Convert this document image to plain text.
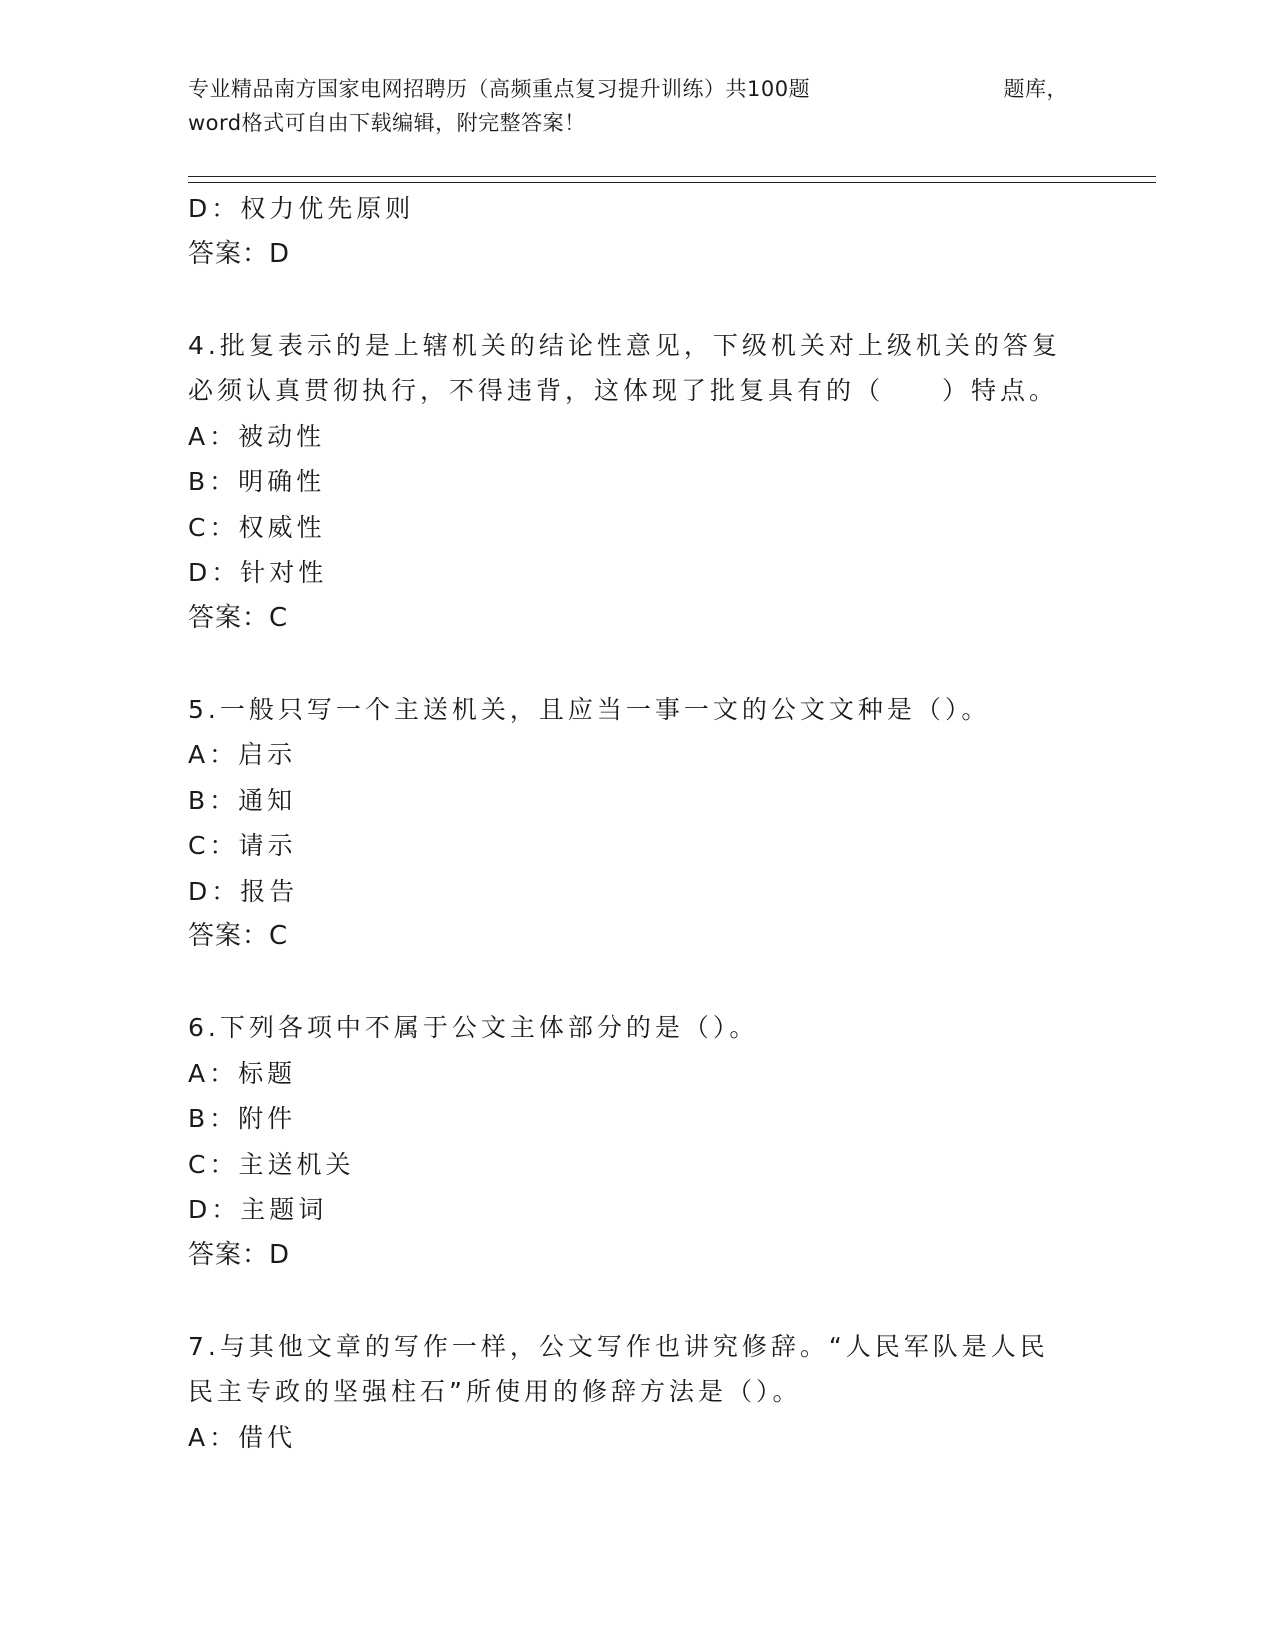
专业精品南方国家电网招聘历（高频重点复习提升训练）共100题	题库，
word格式可自由下载编辑，附完整答案！
D：权力优先原则
答案：D
4.批复表示的是上辖机关的结论性意见，下级机关对上级机关的答复
必须认真贯彻执行，不得违背，这体现了批复具有的（　　）特点。
A：被动性
B：明确性
C：权威性
D：针对性
答案：C
5.一般只写一个主送机关，且应当一事一文的公文文种是（）。
A：启示
B：通知
C：请示
D：报告
答案：C
6.下列各项中不属于公文主体部分的是（）。
A：标题
B：附件
C：主送机关
D：主题词
答案：D
7.与其他文章的写作一样，公文写作也讲究修辞。“人民军队是人民
民主专政的坚强柱石”所使用的修辞方法是（）。
A：借代
